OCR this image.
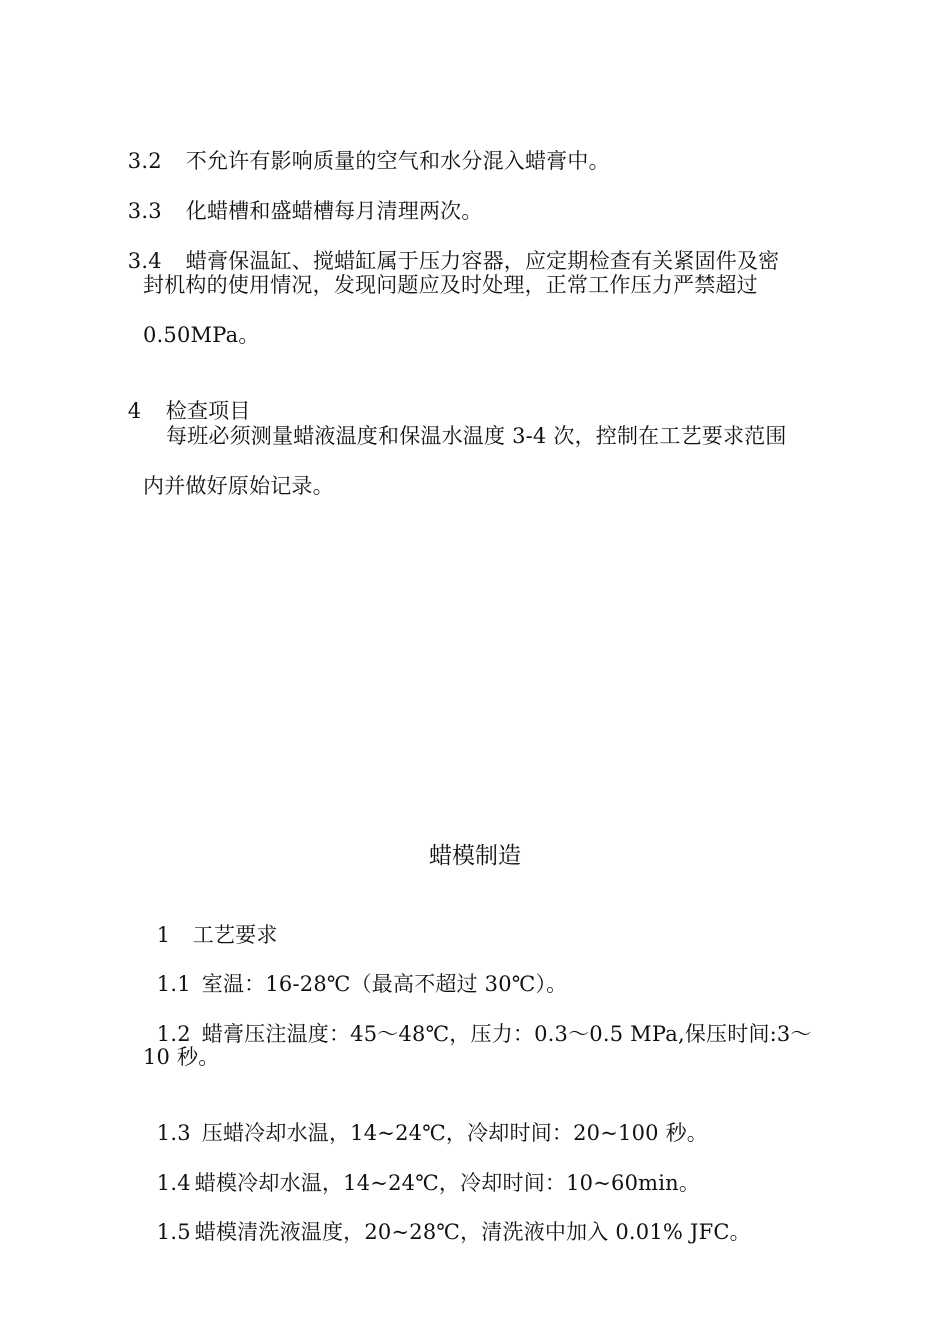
3.2 不允许有影响质量的空气和水分混入蜡膏中。

3.3 化蜡槽和盛蜡槽每月清理两次。

3.4 蜡膏保温缸、搅蜡缸属于压力容器，应定期检查有关紧固件及密

封机构的使用情况，发现问题应及时处理，正常工作压力严禁超过
0.50MPa。

4 检查项目

每班必须测量蜡液温度和保温水温度 3-4 次，控制在工艺要求范围
内并做好原始记录。
蜡模制造

1 工艺要求

1.1 室温：16-28℃（最高不超过 30℃）。

1.2 蜡膏压注温度：45～48℃，压力：0.3～0.5 MPa,保压时间:3～

10 秒。

1.3 压蜡冷却水温，14~24℃，冷却时间：20~100 秒。

1.4 蜡模冷却水温，14~24℃，冷却时间：10~60min。

1.5 蜡模清洗液温度，20~28℃，清洗液中加入 0.01% JFC。
